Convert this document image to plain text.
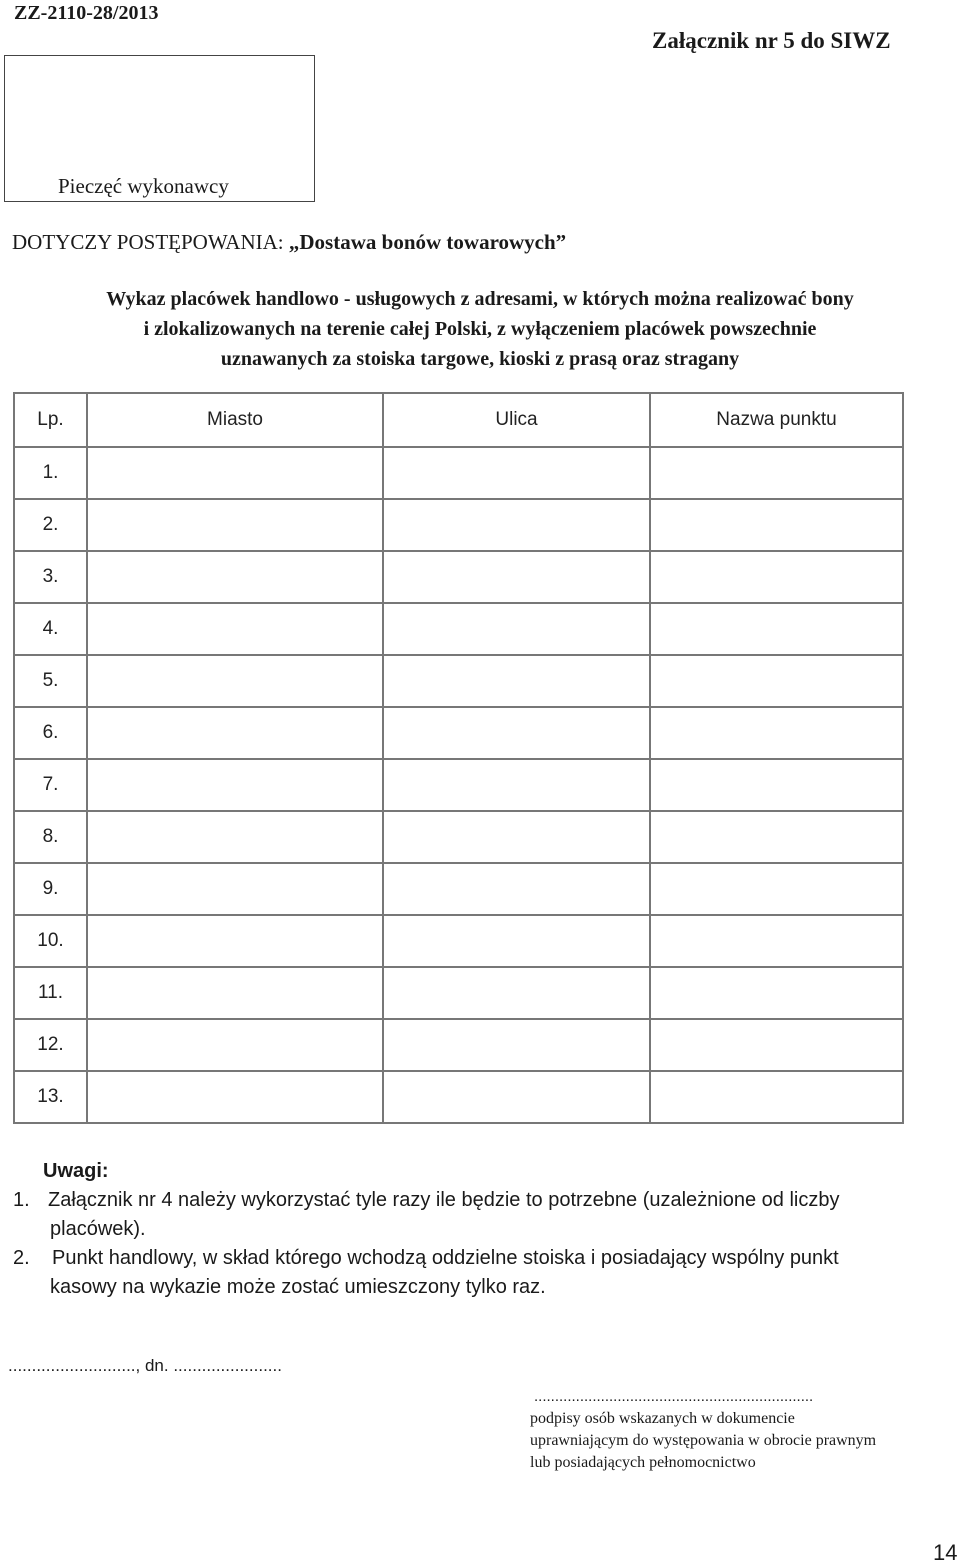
ZZ-2110-28/2013
Załącznik nr 5 do SIWZ
Pieczęć wykonawcy
DOTYCZY POSTĘPOWANIA: „Dostawa bonów towarowych”
Wykaz placówek handlowo - usługowych z adresami, w których można realizować bony
i zlokalizowanych na terenie całej Polski, z wyłączeniem placówek powszechnie
uznawanych za stoiska targowe, kioski z prasą oraz stragany
Lp.	Miasto	Ulica	Nazwa punktu
1.			
2.			
3.			
4.			
5.			
6.			
7.			
8.			
9.			
10.			
11.			
12.			
13.			
Uwagi:
1. Załącznik nr 4 należy wykorzystać tyle razy ile będzie to potrzebne (uzależnione od liczby
placówek).
2. Punkt handlowy, w skład którego wchodzą oddzielne stoiska i posiadający wspólny punkt
kasowy na wykazie może zostać umieszczony tylko raz.
..........................., dn. .......................
...................................................................
podpisy osób wskazanych w dokumencie
uprawniającym do występowania w obrocie prawnym
lub posiadających pełnomocnictwo
14
